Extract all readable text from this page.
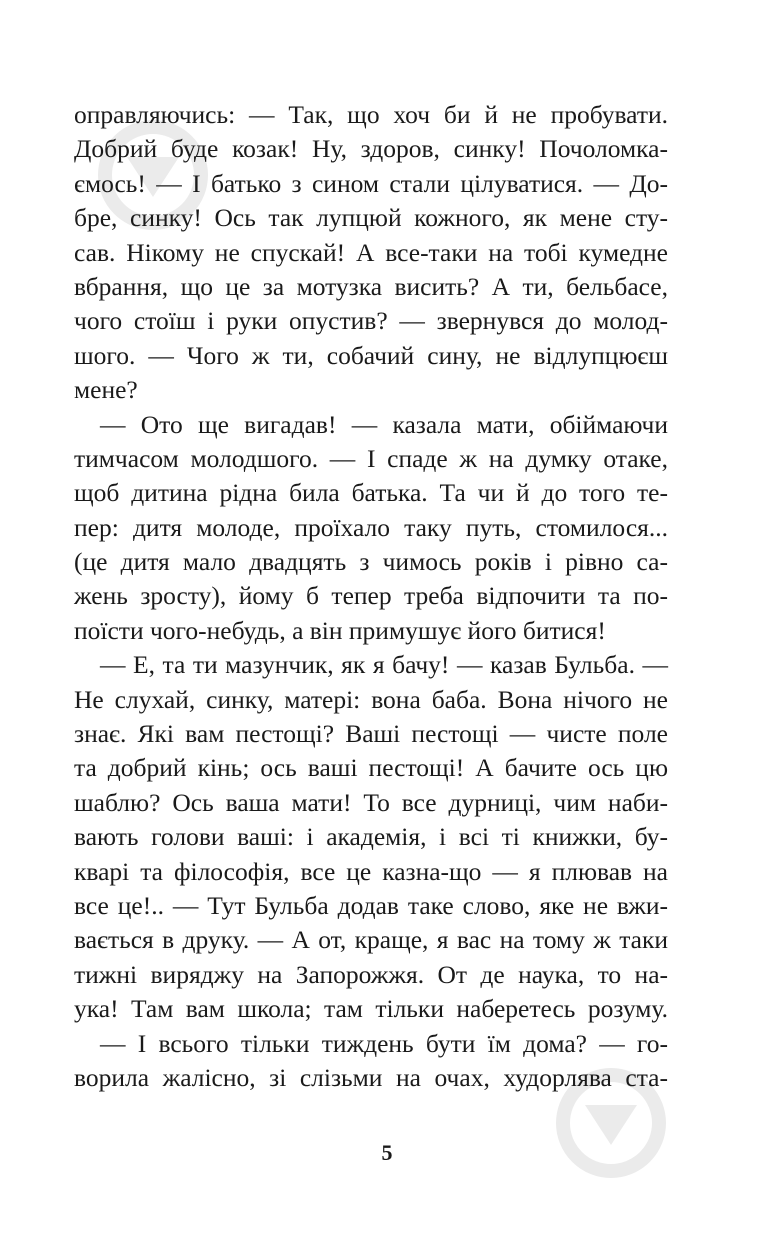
оправляючись: — Так, що хоч би й не пробувати.
Добрий буде козак! Ну, здоров, синку! Почоломка-
ємось! — І батько з сином стали цілуватися. — До-
бре, синку! Ось так лупцюй кожного, як мене сту-
сав. Нікому не спускай! А все-таки на тобі кумедне
вбрання, що це за мотузка висить? А ти, бельбасе,
чого стоїш і руки опустив? — звернувся до молод-
шого. — Чого ж ти, собачий сину, не відлупцюєш
мене?
— Ото ще вигадав! — казала мати, обіймаючи
тимчасом молодшого. — І спаде ж на думку отаке,
щоб дитина рідна била батька. Та чи й до того те-
пер: дитя молоде, проїхало таку путь, стомилося...
(це дитя мало двадцять з чимось років і рівно са-
жень зросту), йому б тепер треба відпочити та по-
поїсти чого-небудь, а він примушує його битися!
— Е, та ти мазунчик, як я бачу! — казав Бульба. —
Не слухай, синку, матері: вона баба. Вона нічого не
знає. Які вам пестощі? Ваші пестощі — чисте поле
та добрий кінь; ось ваші пестощі! А бачите ось цю
шаблю? Ось ваша мати! То все дурниці, чим наби-
вають голови ваші: і академія, і всі ті книжки, бу-
кварі та філософія, все це казна-що — я плював на
все це!.. — Тут Бульба додав таке слово, яке не вжи-
вається в друку. — А от, краще, я вас на тому ж таки
тижні виряджу на Запорожжя. От де наука, то на-
ука! Там вам школа; там тільки наберетесь розуму.
— І всього тільки тиждень бути їм дома? — го-
ворила жалісно, зі слізьми на очах, худорлява ста-
5
